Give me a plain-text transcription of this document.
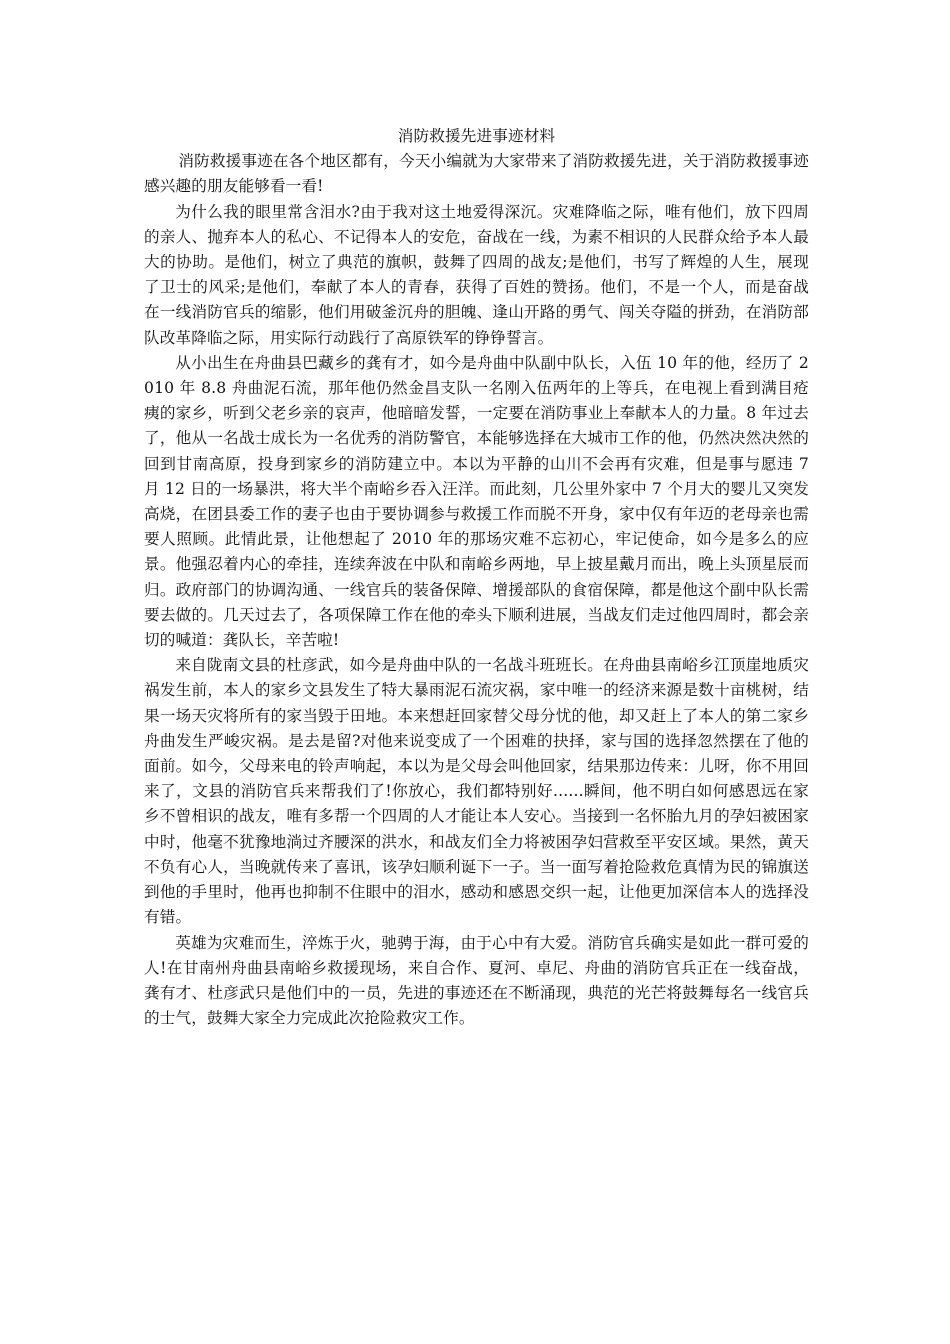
消防救援先进事迹材料

消防救援事迹在各个地区都有，今天小编就为大家带来了消防救援先进，关于消防救援事迹感兴趣的朋友能够看一看!

为什么我的眼里常含泪水?由于我对这土地爱得深沉。灾难降临之际，唯有他们，放下四周的亲人、抛弃本人的私心、不记得本人的安危，奋战在一线，为素不相识的人民群众给予本人最大的协助。是他们，树立了典范的旗帜，鼓舞了四周的战友;是他们，书写了辉煌的人生，展现了卫士的风采;是他们，奉献了本人的青春，获得了百姓的赞扬。他们，不是一个人，而是奋战在一线消防官兵的缩影，他们用破釜沉舟的胆魄、逢山开路的勇气、闯关夺隘的拼劲，在消防部队改革降临之际，用实际行动践行了高原铁军的铮铮誓言。

从小出生在舟曲县巴藏乡的龚有才，如今是舟曲中队副中队长，入伍 10 年的他，经历了 2010 年 8.8 舟曲泥石流，那年他仍然金昌支队一名刚入伍两年的上等兵，在电视上看到满目疮痍的家乡，听到父老乡亲的哀声，他暗暗发誓，一定要在消防事业上奉献本人的力量。8 年过去了，他从一名战士成长为一名优秀的消防警官，本能够选择在大城市工作的他，仍然决然决然的回到甘南高原，投身到家乡的消防建立中。本以为平静的山川不会再有灾难，但是事与愿违 7 月 12 日的一场暴洪，将大半个南峪乡吞入汪洋。而此刻，几公里外家中 7 个月大的婴儿又突发高烧，在团县委工作的妻子也由于要协调参与救援工作而脱不开身，家中仅有年迈的老母亲也需要人照顾。此情此景，让他想起了 2010 年的那场灾难不忘初心，牢记使命，如今是多么的应景。他强忍着内心的牵挂，连续奔波在中队和南峪乡两地，早上披星戴月而出，晚上头顶星辰而归。政府部门的协调沟通、一线官兵的装备保障、增援部队的食宿保障，都是他这个副中队长需要去做的。几天过去了，各项保障工作在他的牵头下顺利进展，当战友们走过他四周时，都会亲切的喊道：龚队长，辛苦啦!

来自陇南文县的杜彦武，如今是舟曲中队的一名战斗班班长。在舟曲县南峪乡江顶崖地质灾祸发生前，本人的家乡文县发生了特大暴雨泥石流灾祸，家中唯一的经济来源是数十亩桃树，结果一场天灾将所有的家当毁于田地。本来想赶回家替父母分忧的他，却又赶上了本人的第二家乡舟曲发生严峻灾祸。是去是留?对他来说变成了一个困难的抉择，家与国的选择忽然摆在了他的面前。如今，父母来电的铃声响起，本以为是父母会叫他回家，结果那边传来：儿呀，你不用回来了，文县的消防官兵来帮我们了!你放心，我们都特别好......瞬间，他不明白如何感恩远在家乡不曾相识的战友，唯有多帮一个四周的人才能让本人安心。当接到一名怀胎九月的孕妇被困家中时，他毫不犹豫地淌过齐腰深的洪水，和战友们全力将被困孕妇营救至平安区域。果然，黄天不负有心人，当晚就传来了喜讯，该孕妇顺利诞下一子。当一面写着抢险救危真情为民的锦旗送到他的手里时，他再也抑制不住眼中的泪水，感动和感恩交织一起，让他更加深信本人的选择没有错。

英雄为灾难而生，淬炼于火，驰骋于海，由于心中有大爱。消防官兵确实是如此一群可爱的人!在甘南州舟曲县南峪乡救援现场，来自合作、夏河、卓尼、舟曲的消防官兵正在一线奋战，龚有才、杜彦武只是他们中的一员，先进的事迹还在不断涌现，典范的光芒将鼓舞每名一线官兵的士气，鼓舞大家全力完成此次抢险救灾工作。
